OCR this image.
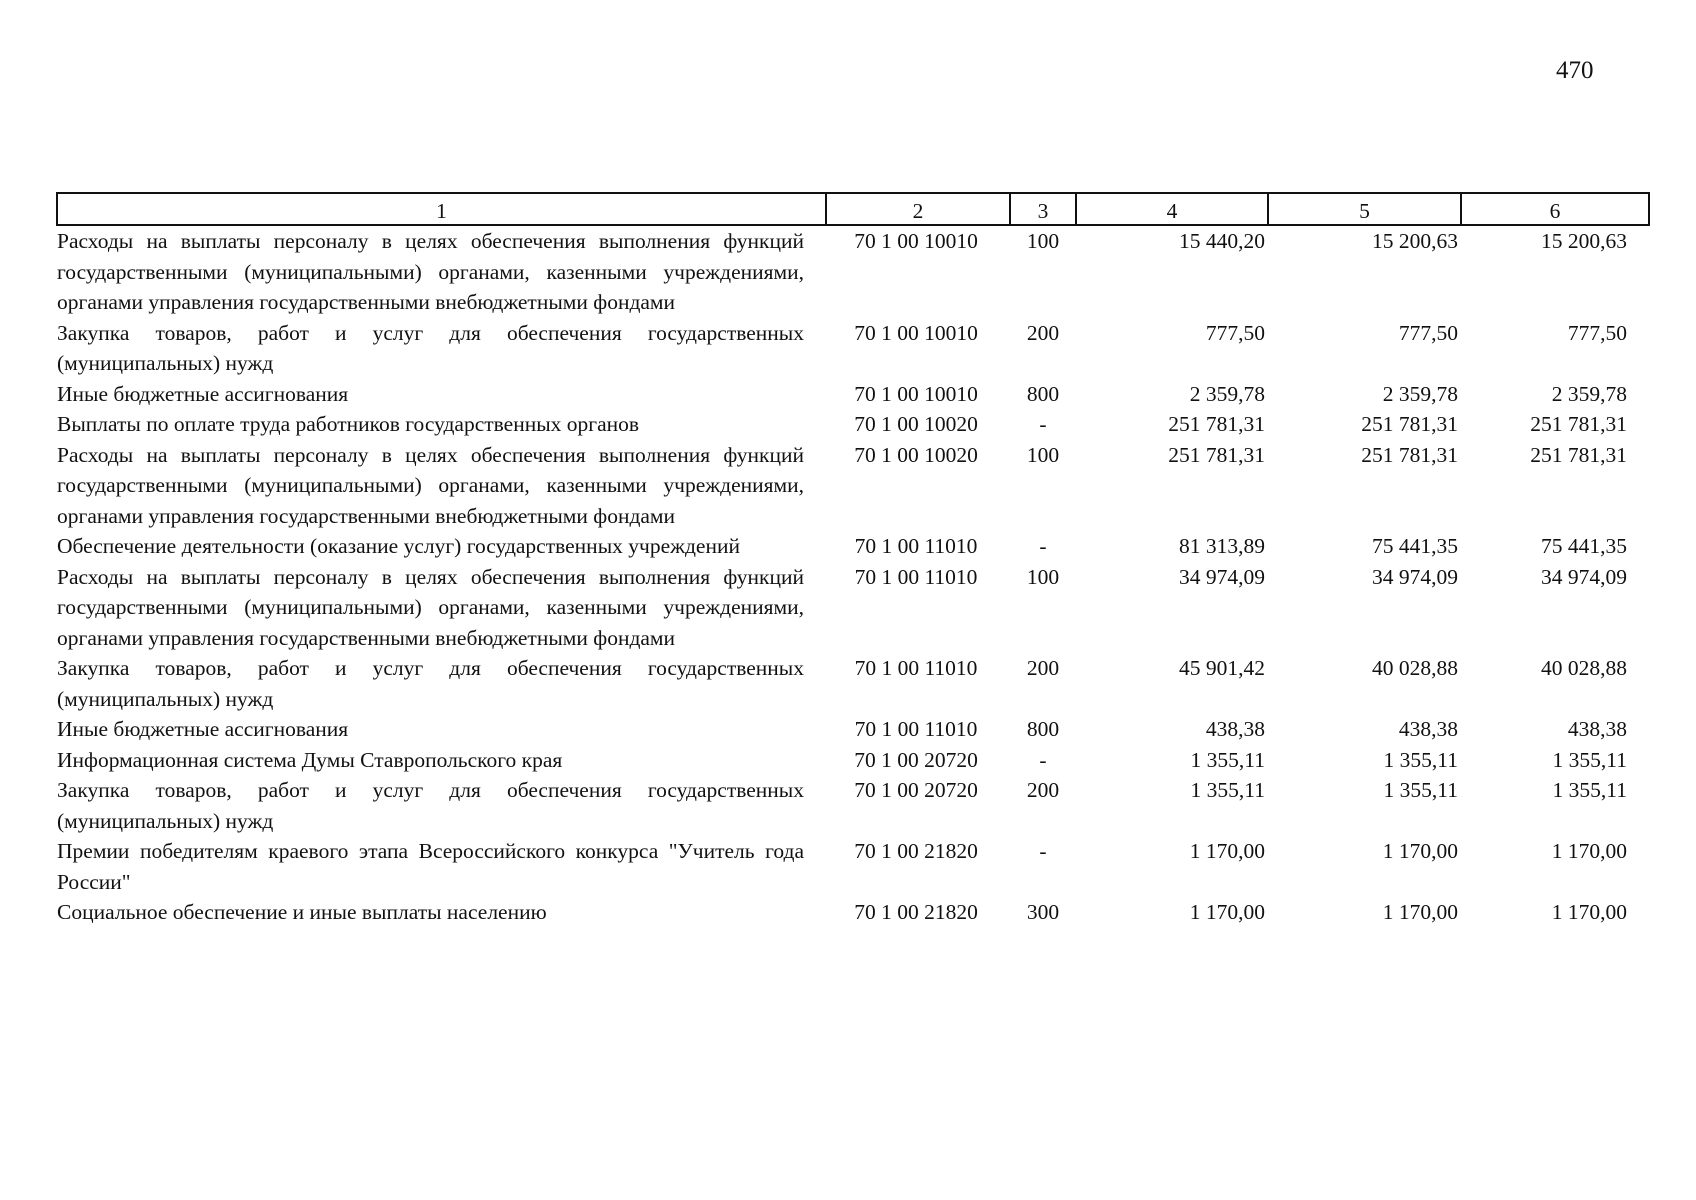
470
1	2	3	4	5	6
Расходы на выплаты персоналу в целях обеспечения выполнения функций государственными (муниципальными) органами, казенными учреждениями, органами управления государственными внебюджетными фондами	70 1 00 10010	100	15 440,20	15 200,63	15 200,63
Закупка товаров, работ и услуг для обеспечения государственных (муниципальных) нужд	70 1 00 10010	200	777,50	777,50	777,50
Иные бюджетные ассигнования	70 1 00 10010	800	2 359,78	2 359,78	2 359,78
Выплаты по оплате труда работников государственных органов	70 1 00 10020	-	251 781,31	251 781,31	251 781,31
Расходы на выплаты персоналу в целях обеспечения выполнения функций государственными (муниципальными) органами, казенными учреждениями, органами управления государственными внебюджетными фондами	70 1 00 10020	100	251 781,31	251 781,31	251 781,31
Обеспечение деятельности (оказание услуг) государственных учреждений	70 1 00 11010	-	81 313,89	75 441,35	75 441,35
Расходы на выплаты персоналу в целях обеспечения выполнения функций государственными (муниципальными) органами, казенными учреждениями, органами управления государственными внебюджетными фондами	70 1 00 11010	100	34 974,09	34 974,09	34 974,09
Закупка товаров, работ и услуг для обеспечения государственных (муниципальных) нужд	70 1 00 11010	200	45 901,42	40 028,88	40 028,88
Иные бюджетные ассигнования	70 1 00 11010	800	438,38	438,38	438,38
Информационная система Думы Ставропольского края	70 1 00 20720	-	1 355,11	1 355,11	1 355,11
Закупка товаров, работ и услуг для обеспечения государственных (муниципальных) нужд	70 1 00 20720	200	1 355,11	1 355,11	1 355,11
Премии победителям краевого этапа Всероссийского конкурса "Учитель года России"	70 1 00 21820	-	1 170,00	1 170,00	1 170,00
Социальное обеспечение и иные выплаты населению	70 1 00 21820	300	1 170,00	1 170,00	1 170,00
